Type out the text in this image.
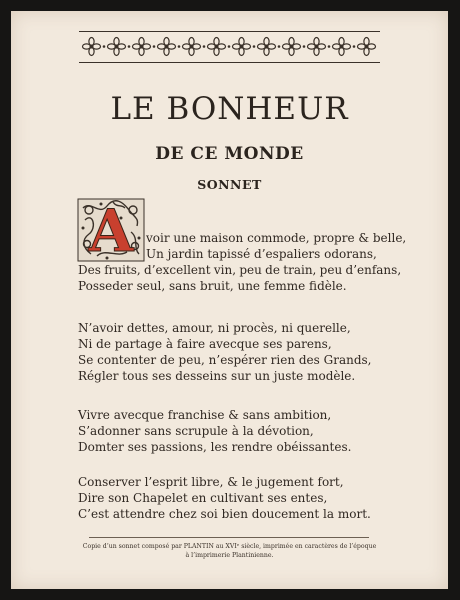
LE BONHEUR
DE CE MONDE
SONNET
A	voir une maison commode, propre & belle,

Un jardin tapissé d’espaliers odorans,

Des fruits, d’excellent vin, peu de train, peu d’enfans,

Posseder seul, sans bruit, une femme fidèle.

N’avoir dettes, amour, ni procès, ni querelle,

Ni de partage à faire avecque ses parens,

Se contenter de peu, n’espérer rien des Grands,

Régler tous ses desseins sur un juste modèle.

Vivre avecque franchise & sans ambition,

S’adonner sans scrupule à la dévotion,

Domter ses passions, les rendre obéissantes.

Conserver l’esprit libre, & le jugement fort,

Dire son Chapelet en cultivant ses entes,

C’est attendre chez soi bien doucement la mort.

Copie d’un sonnet composé par PLANTIN au XVIᵉ siècle, imprimée en caractères de l’époque

à l’imprimerie Plantinienne.
